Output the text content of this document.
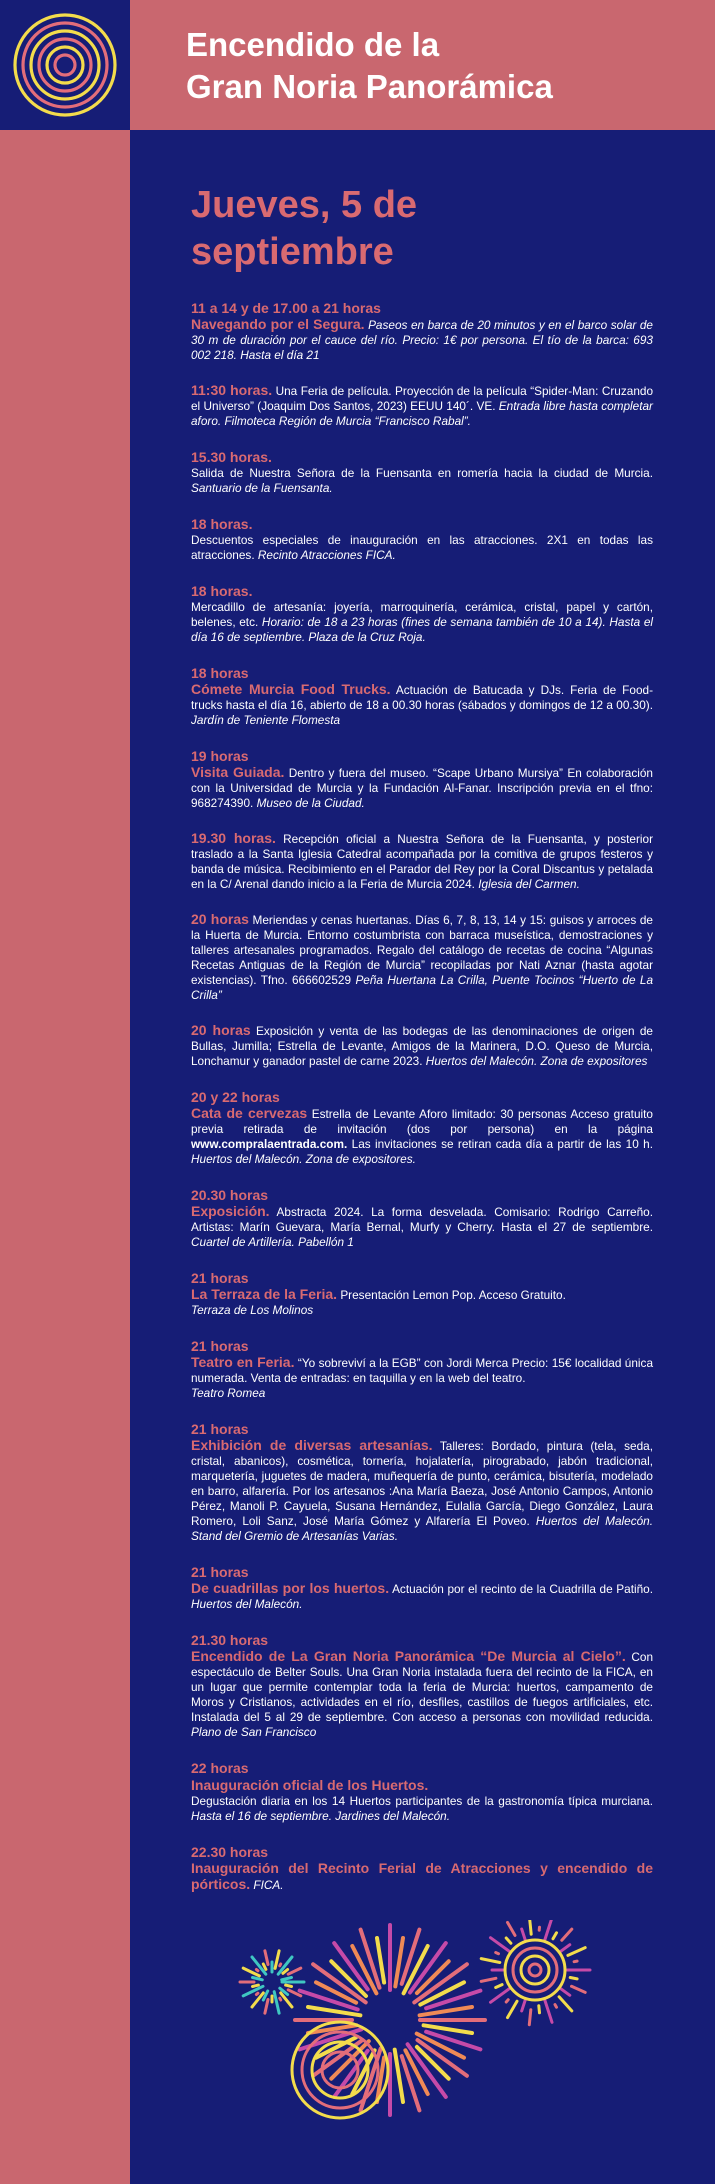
Encendido de la
Gran Noria Panorámica
Jueves, 5 de
septiembre
11 a 14 y de 17.00 a 21 horas
Navegando por el Segura. Paseos en barca de 20 minutos y en el barco solar de 30 m de duración por el cauce del río. Precio: 1€ por persona. El tío de la barca: 693 002 218. Hasta el día 21
11:30 horas. Una Feria de película. Proyección de la película “Spider-Man: Cruzando el Universo” (Joaquim Dos Santos, 2023) EEUU 140´. VE. Entrada libre hasta completar aforo. Filmoteca Región de Murcia “Francisco Rabal”.
15.30 horas.
Salida de Nuestra Señora de la Fuensanta en romería hacia la ciudad de Murcia. Santuario de la Fuensanta.
18 horas.
Descuentos especiales de inauguración en las atracciones. 2X1 en todas las atracciones. Recinto Atracciones FICA.
18 horas.
Mercadillo de artesanía: joyería, marroquinería, cerámica, cristal, papel y cartón, belenes, etc. Horario: de 18 a 23 horas (fines de semana también de 10 a 14). Hasta el día 16 de septiembre. Plaza de la Cruz Roja.
18 horas
Cómete Murcia Food Trucks. Actuación de Batucada y DJs. Feria de Food-trucks hasta el día 16, abierto de 18 a 00.30 horas (sábados y domingos de 12 a 00.30). Jardín de Teniente Flomesta
19 horas
Visita Guiada. Dentro y fuera del museo. “Scape Urbano Mursiya” En colaboración con la Universidad de Murcia y la Fundación Al-Fanar. Inscripción previa en el tfno: 968274390. Museo de la Ciudad.
19.30 horas. Recepción oficial a Nuestra Señora de la Fuensanta, y posterior traslado a la Santa Iglesia Catedral acompañada por la comitiva de grupos festeros y banda de música. Recibimiento en el Parador del Rey por la Coral Discantus y petalada en la C/ Arenal dando inicio a la Feria de Murcia 2024. Iglesia del Carmen.
20 horas Meriendas y cenas huertanas. Días 6, 7, 8, 13, 14 y 15: guisos y arroces de la Huerta de Murcia. Entorno costumbrista con barraca museística, demostraciones y talleres artesanales programados. Regalo del catálogo de recetas de cocina “Algunas Recetas Antiguas de la Región de Murcia” recopiladas por Nati Aznar (hasta agotar existencias). Tfno. 666602529 Peña Huertana La Crilla, Puente Tocinos “Huerto de La Crilla”
20 horas Exposición y venta de las bodegas de las denominaciones de origen de Bullas, Jumilla; Estrella de Levante, Amigos de la Marinera, D.O. Queso de Murcia, Lonchamur y ganador pastel de carne 2023. Huertos del Malecón. Zona de expositores
20 y 22 horas
Cata de cervezas Estrella de Levante Aforo limitado: 30 personas Acceso gratuito previa retirada de invitación (dos por persona) en la página www.compralaentrada.com. Las invitaciones se retiran cada día a partir de las 10 h. Huertos del Malecón. Zona de expositores.
20.30 horas
Exposición. Abstracta 2024. La forma desvelada. Comisario: Rodrigo Carreño. Artistas: Marín Guevara, María Bernal, Murfy y Cherry. Hasta el 27 de septiembre. Cuartel de Artillería. Pabellón 1
21 horas
La Terraza de la Feria. Presentación Lemon Pop. Acceso Gratuito.
Terraza de Los Molinos
21 horas
Teatro en Feria. “Yo sobreviví a la EGB” con Jordi Merca Precio: 15€ localidad única numerada. Venta de entradas: en taquilla y en la web del teatro.
Teatro Romea
21 horas
Exhibición de diversas artesanías. Talleres: Bordado, pintura (tela, seda, cristal, abanicos), cosmética, tornería, hojalatería, pirograbado, jabón tradicional, marquetería, juguetes de madera, muñequería de punto, cerámica, bisutería, modelado en barro, alfarería. Por los artesanos :Ana María Baeza, José Antonio Campos, Antonio Pérez, Manoli P. Cayuela, Susana Hernández, Eulalia García, Diego González, Laura Romero, Loli Sanz, José María Gómez y Alfarería El Poveo. Huertos del Malecón. Stand del Gremio de Artesanías Varias.
21 horas
De cuadrillas por los huertos. Actuación por el recinto de la Cuadrilla de Patiño. Huertos del Malecón.
21.30 horas
Encendido de La Gran Noria Panorámica “De Murcia al Cielo”. Con espectáculo de Belter Souls. Una Gran Noria instalada fuera del recinto de la FICA, en un lugar que permite contemplar toda la feria de Murcia: huertos, campamento de Moros y Cristianos, actividades en el río, desfiles, castillos de fuegos artificiales, etc. Instalada del 5 al 29 de septiembre. Con acceso a personas con movilidad reducida. Plano de San Francisco
22 horas
Inauguración oficial de los Huertos.
Degustación diaria en los 14 Huertos participantes de la gastronomía típica murciana. Hasta el 16 de septiembre. Jardines del Malecón.
22.30 horas
Inauguración del Recinto Ferial de Atracciones y encendido de pórticos. FICA.
